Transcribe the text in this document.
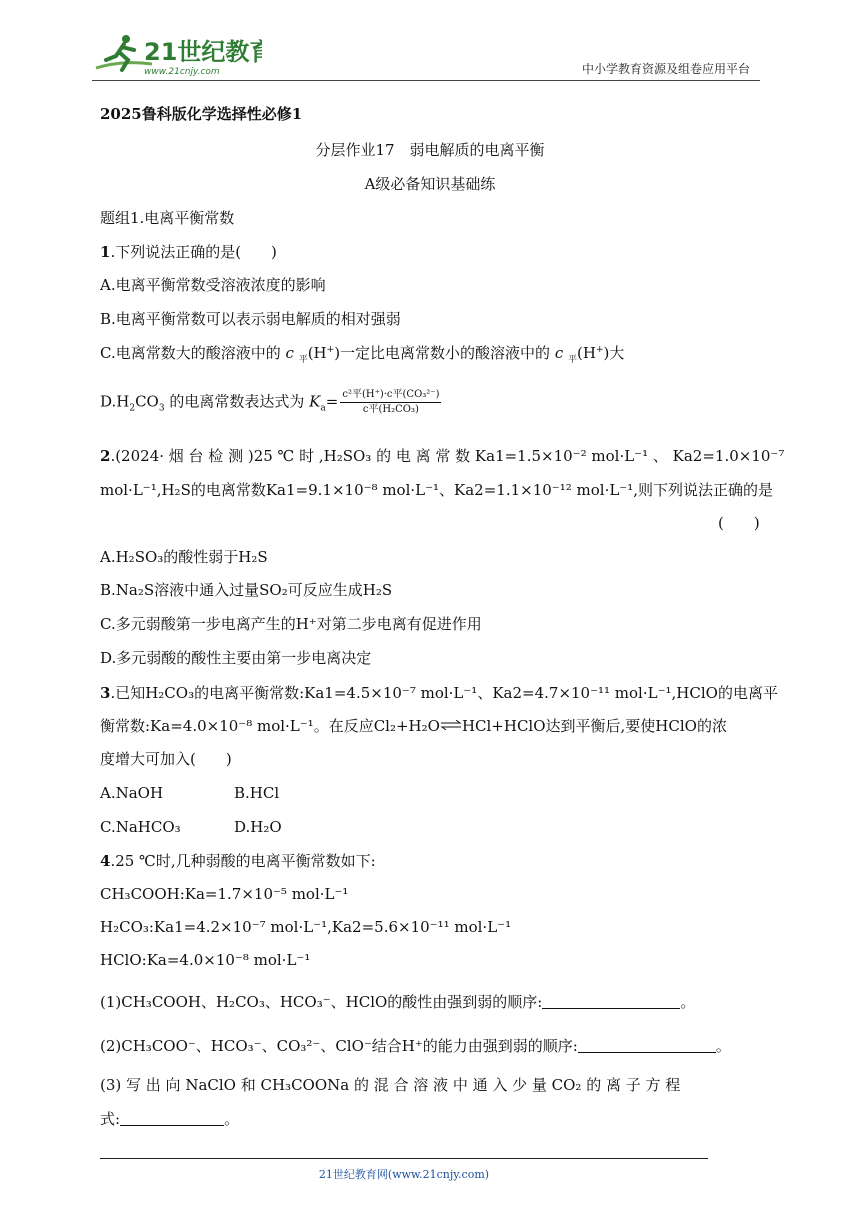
21世纪教育
www.21cnjy.com	中小学教育资源及组卷应用平台
2025鲁科版化学选择性必修1
分层作业17　弱电解质的电离平衡
A级必备知识基础练
题组1.电离平衡常数
1.下列说法正确的是(　　)
A.电离平衡常数受溶液浓度的影响
B.电离平衡常数可以表示弱电解质的相对强弱
C.电离常数大的酸溶液中的 c $_平$(H+)一定比电离常数小的酸溶液中的 c $_平$(H+)大
$D.H_2CO_3$ 的电离常数表达式为 $K_a= \frac{\text{c²平(H⁺)·c平(CO₃²⁻)}}{\text{c平(H₂CO₃)}}$
2.(2024· 烟 台 检 测 )25 ℃ 时 ,H₂SO₃ 的 电 离 常 数 Ka1=1.5×10⁻² mol·L⁻¹ 、 Ka2=1.0×10⁻⁷
mol·L⁻¹,H₂S的电离常数Ka1=9.1×10⁻⁸ mol·L⁻¹、Ka2=1.1×10⁻¹² mol·L⁻¹,则下列说法正确的是
(　　)
A.H₂SO₃的酸性弱于H₂S
B.Na₂S溶液中通入过量SO₂可反应生成H₂S
C.多元弱酸第一步电离产生的H⁺对第二步电离有促进作用
D.多元弱酸的酸性主要由第一步电离决定
3.已知H₂CO₃的电离平衡常数:Ka1=4.5×10⁻⁷ mol·L⁻¹、Ka2=4.7×10⁻¹¹ mol·L⁻¹,HClO的电离平
衡常数:Ka=4.0×10⁻⁸ mol·L⁻¹。在反应Cl₂+H₂O⇌HCl+HClO达到平衡后,要使HClO的浓
度增大可加入(　　)
A.NaOH	B.HCl
C.NaHCO₃	D.H₂O
4.25 ℃时,几种弱酸的电离平衡常数如下:
CH₃COOH:Ka=1.7×10⁻⁵ mol·L⁻¹
H₂CO₃:Ka1=4.2×10⁻⁷ mol·L⁻¹,Ka2=5.6×10⁻¹¹ mol·L⁻¹
HClO:Ka=4.0×10⁻⁸ mol·L⁻¹
(1)CH₃COOH、H₂CO₃、HCO₃⁻、HClO的酸性由强到弱的顺序:	。
(2)CH₃COO⁻、HCO₃⁻、CO₃²⁻、ClO⁻结合H⁺的能力由强到弱的顺序:	。
(3) 写 出 向 NaClO 和 CH₃COONa 的 混 合 溶 液 中 通 入 少 量 CO₂ 的 离 子 方 程
式:	。
21世纪教育网(www.21cnjy.com)
